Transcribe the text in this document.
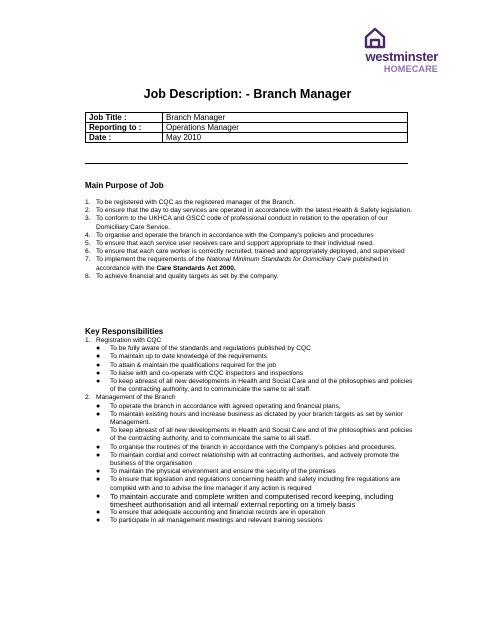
westminster
HOMECARE
Job Description: - Branch Manager
Job Title :	Branch Manager
Reporting to :	Operations Manager
Date :	May 2010
Main Purpose of Job
1. To be registered with CQC as the registered manager of the Branch.
2. To ensure that the day to day services are operated in accordance with the latest Health & Safety legislation.
3. To conform to the UKHCA and GSCC code of professional conduct in relation to the operation of our Domiciliary Care Service.
4. To organise and operate the branch in accordance with the Company's policies and procedures
5. To ensure that each service user receives care and support appropriate to their individual need.
6. To ensure that each care worker is correctly recruited, trained and appropriately deployed, and supervised
7. To implement the requirements of the National Minimum Standards for Domiciliary Care published in accordance with the Care Standards Act 2000.
8. To achieve financial and quality targets as set by the company.
Key Responsibilities
1. Registration with CQC
●	To be fully aware of the standards and regulations published by CQC
●	To maintain up to date knowledge of the requirements
●	To attain & maintain the qualifications required for the job
●	To liaise with and co-operate with CQC inspectors and inspections
●	To keep abreast of all new developments in Health and Social Care and of the philosophies and policies of the contracting authority, and to communicate the same to all staff.
2. Management of the Branch
●	To operate the branch in accordance with agreed operating and financial plans,
●	To maintain existing hours and increase business as dictated by your branch targets as set by senior Management.
●	To keep abreast of all new developments in Health and Social Care and of the philosophies and policies of the contracting authority, and to communicate the same to all staff.
●	To organise the routines of the branch in accordance with the Company's policies and procedures.
●	To maintain cordial and correct relationship with all contracting authorities, and actively promote the business of the organisation
●	To maintain the physical environment and ensure the security of the premises
●	To ensure that legislation and regulations concerning health and safety including fire regulations are complied with and to advise the line manager if any action is required
●	To maintain accurate and complete written and computerised record keeping, including timesheet authorisation and all internal/ external reporting on a timely basis
●	To ensure that adequate accounting and financial records are in operation
●	To participate in all management meetings and relevant training sessions
